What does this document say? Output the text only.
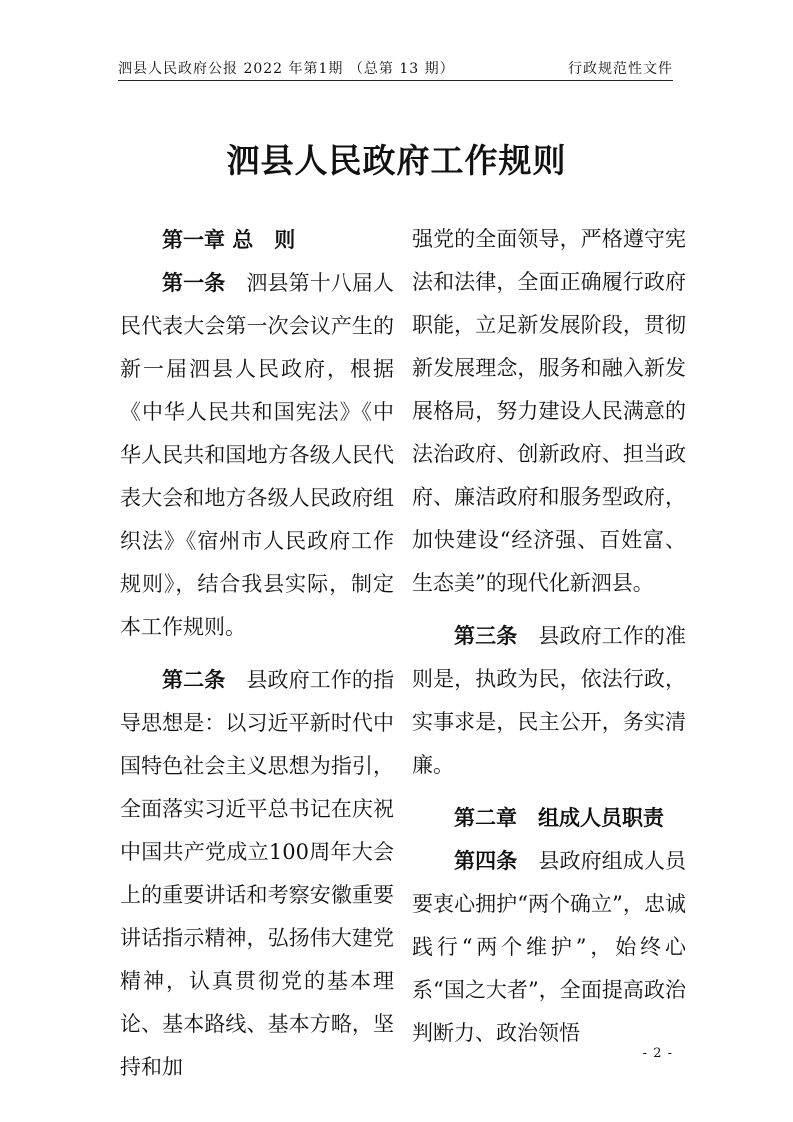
泗县人民政府公报 2022 年第1期 （总第 13 期）	行政规范性文件
泗县人民政府工作规则

第一章 总　则

第一条　泗县第十八届人民代表大会第一次会议产生的新一届泗县人民政府，根据《中华人民共和国宪法》《中华人民共和国地方各级人民代表大会和地方各级人民政府组织法》《宿州市人民政府工作规则》，结合我县实际，制定本工作规则。

第二条　县政府工作的指导思想是：以习近平新时代中国特色社会主义思想为指引，全面落实习近平总书记在庆祝中国共产党成立100周年大会上的重要讲话和考察安徽重要讲话指示精神，弘扬伟大建党精神，认真贯彻党的基本理论、基本路线、基本方略，坚持和加

强党的全面领导，严格遵守宪法和法律，全面正确履行政府职能，立足新发展阶段，贯彻新发展理念，服务和融入新发展格局，努力建设人民满意的法治政府、创新政府、担当政府、廉洁政府和服务型政府，加快建设“经济强、百姓富、生态美”的现代化新泗县。

第三条　县政府工作的准则是，执政为民，依法行政，实事求是，民主公开，务实清廉。

第二章　组成人员职责

第四条　县政府组成人员要衷心拥护“两个确立”，忠诚践行“两个维护”，始终心系“国之大者”，全面提高政治判断力、政治领悟

- 2 -
